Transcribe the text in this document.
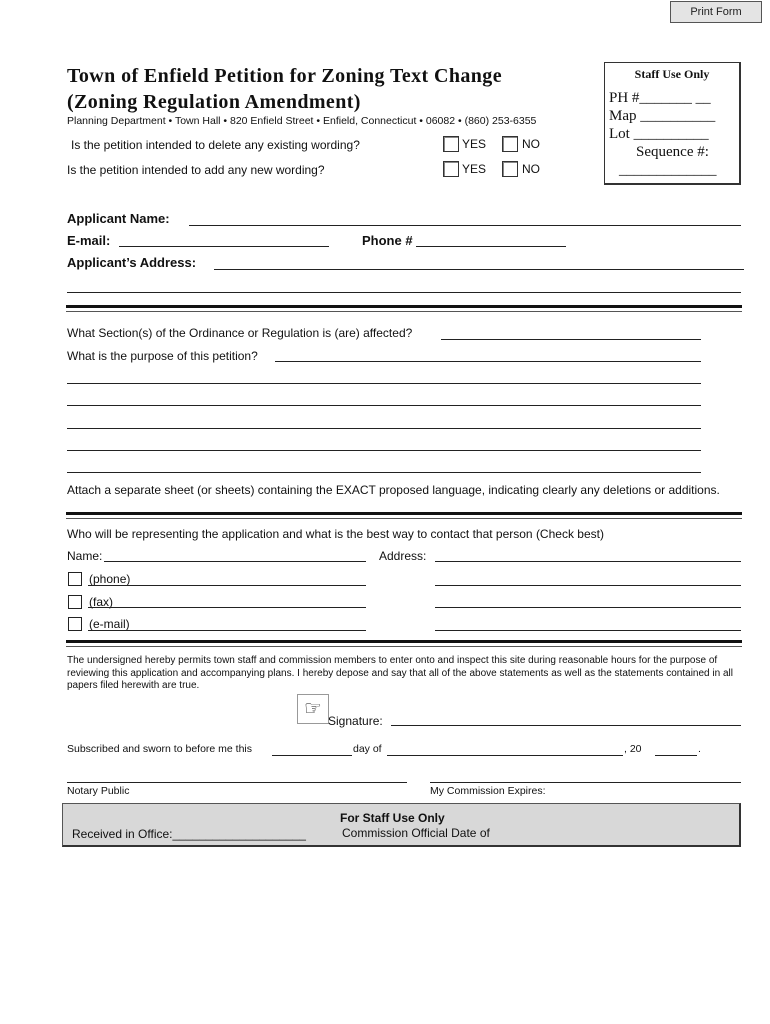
Print Form
Town of Enfield Petition for Zoning Text Change
(Zoning Regulation Amendment)
Planning Department • Town Hall • 820 Enfield Street • Enfield, Connecticut • 06082 • (860) 253-6355
Staff Use Only
PH #_______ __
Map __________
Lot __________
Sequence #:
_____________
Is the petition intended to delete any existing wording?	YES	NO
Is the petition intended to add any new wording?	YES	NO
Applicant Name:
E-mail:	Phone #
Applicant’s Address:
What Section(s) of the Ordinance or Regulation is (are) affected?
What is the purpose of this petition?
Attach a separate sheet (or sheets) containing the EXACT proposed language, indicating clearly any deletions or additions.
Who will be representing the application and what is the best way to contact that person (Check best)
Name:	Address:
(phone)
(fax)
(e-mail)
The undersigned hereby permits town staff and commission members to enter onto and inspect this site during reasonable hours for the purpose of reviewing this application and accompanying plans. I hereby depose and say that all of the above statements as well as the statements contained in all papers filed herewith are true.
☞
Signature:
Subscribed and sworn to before me this	day of	, 20	.
Notary Public	My Commission Expires:
For Staff Use Only
Received in Office:____________________	Commission Official Date of
